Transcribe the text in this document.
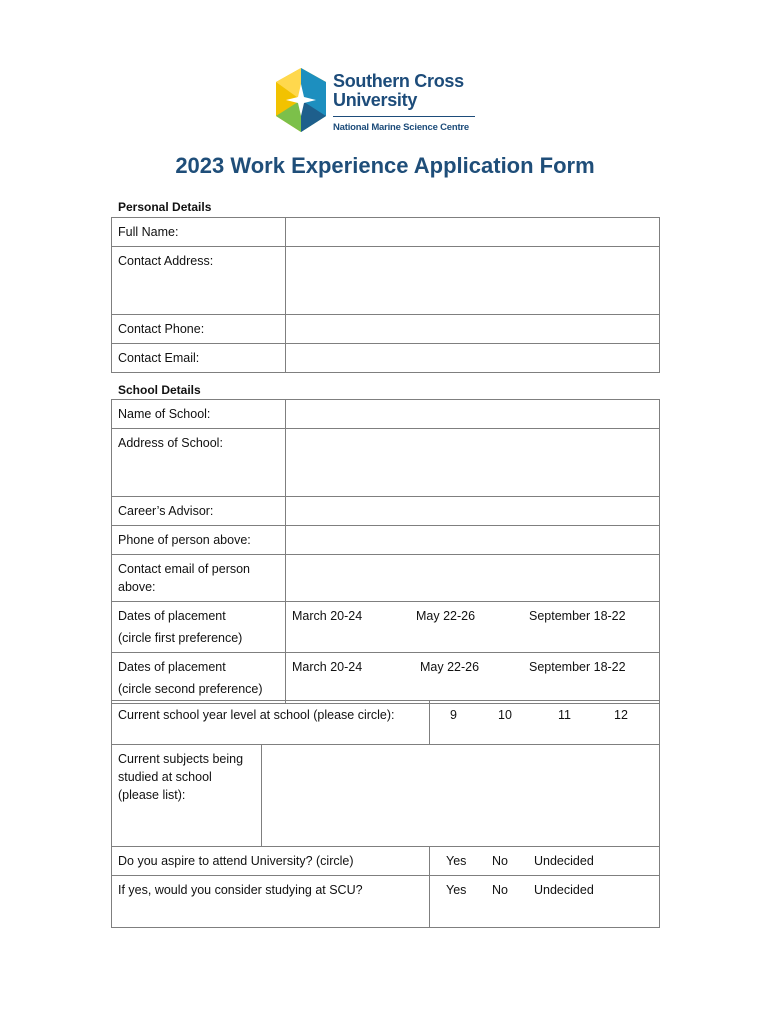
Southern Cross
University
National Marine Science Centre
2023 Work Experience Application Form
Personal Details
Full Name:	
Contact Address:	
Contact Phone:	
Contact Email:	
School Details
Name of School:	
Address of School:	
Career’s Advisor:	
Phone of person above:	

Contact email of person
above:	

Dates of placement
(circle first preference)	March 20-24 May 22-26 September 18-22

Dates of placement
(circle second preference)	March 20-24 May 22-26 September 18-22
Current school year level at school (please circle):	9	10	11	12
Current subjects being
studied at school
(please list):

Do you aspire to attend University? (circle)	Yes No Undecided

If yes, would you consider studying at SCU?	Yes No Undecided
